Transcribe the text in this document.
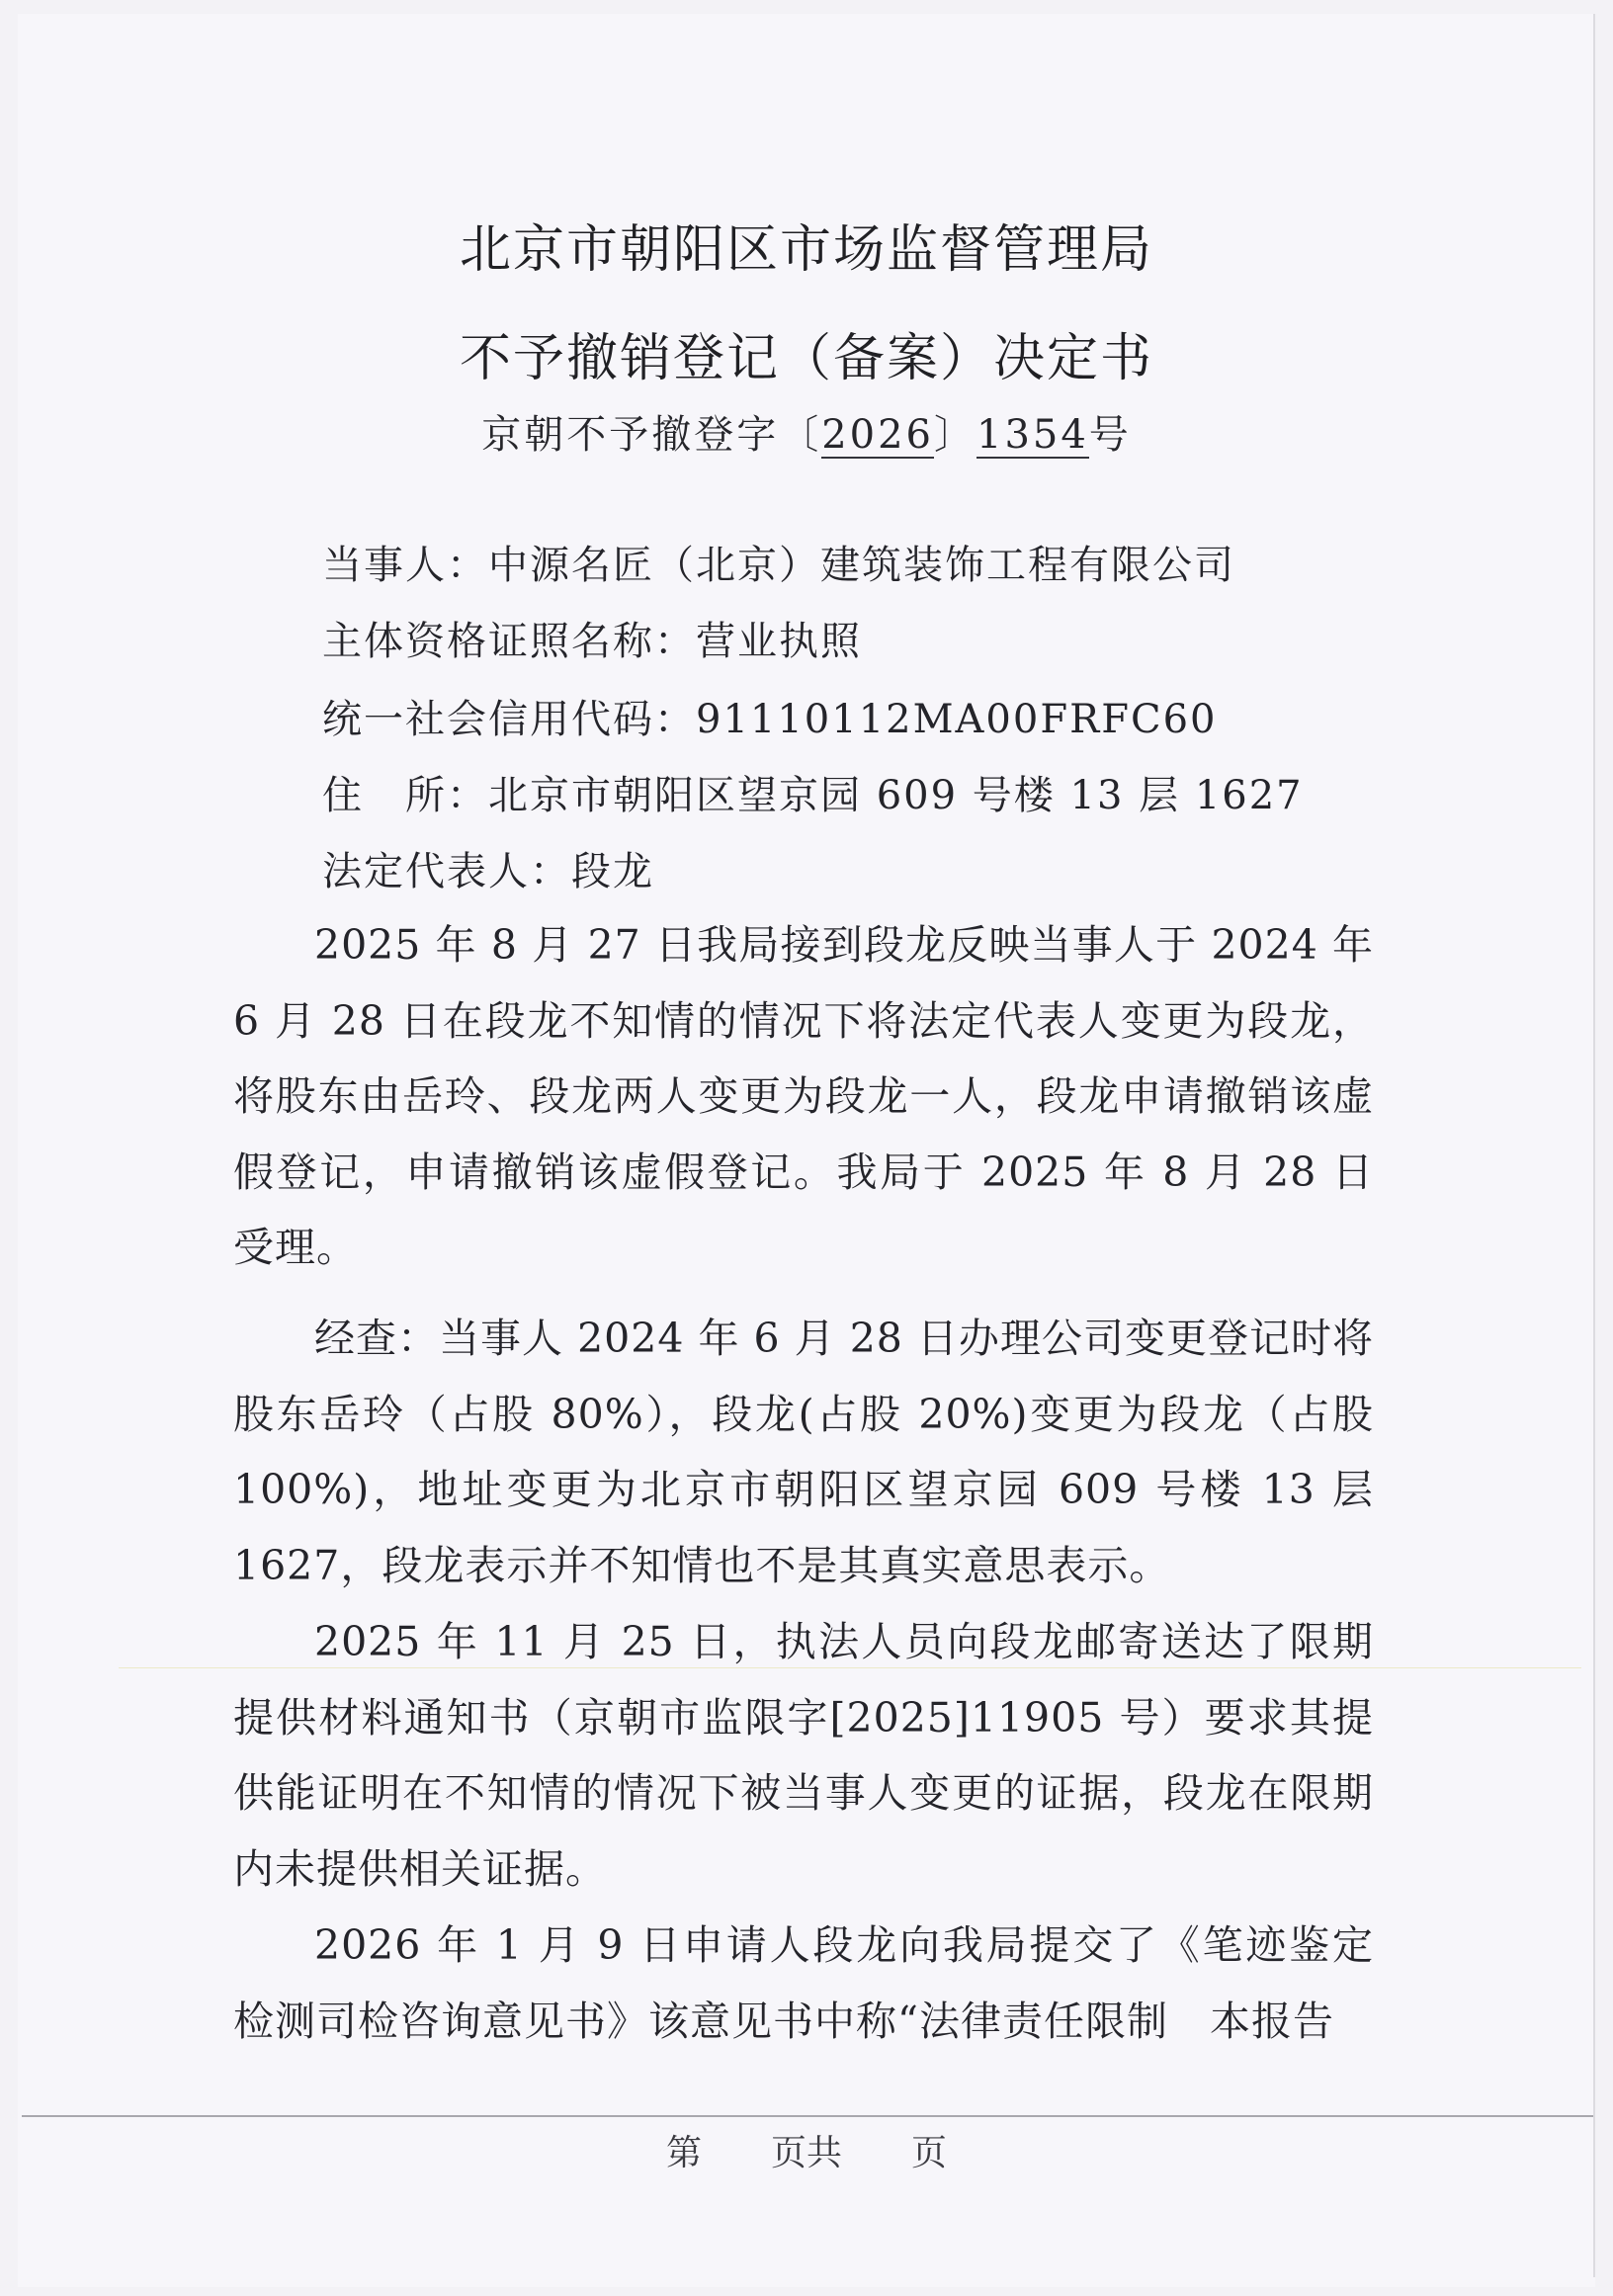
北京市朝阳区市场监督管理局
不予撤销登记（备案）决定书
京朝不予撤登字〔2026〕1354号
当事人：中源名匠（北京）建筑装饰工程有限公司
主体资格证照名称：营业执照
统一社会信用代码：91110112MA00FRFC60
住　所：北京市朝阳区望京园 609 号楼 13 层 1627
法定代表人：段龙

2025 年 8 月 27 日我局接到段龙反映当事人于 2024 年 6 月 28 日在段龙不知情的情况下将法定代表人变更为段龙，将股东由岳玲、段龙两人变更为段龙一人，段龙申请撤销该虚假登记，申请撤销该虚假登记。我局于 2025 年 8 月 28 日受理。

经查：当事人 2024 年 6 月 28 日办理公司变更登记时将股东岳玲（占股 80%），段龙(占股 20%)变更为段龙（占股 100%)，地址变更为北京市朝阳区望京园 609 号楼 13 层 1627，段龙表示并不知情也不是其真实意思表示。

2025 年 11 月 25 日，执法人员向段龙邮寄送达了限期提供材料通知书（京朝市监限字[2025]11905 号）要求其提供能证明在不知情的情况下被当事人变更的证据，段龙在限期内未提供相关证据。

2026 年 1 月 9 日申请人段龙向我局提交了《笔迹鉴定检测司检咨询意见书》该意见书中称“法律责任限制　本报告

第 页共 页
